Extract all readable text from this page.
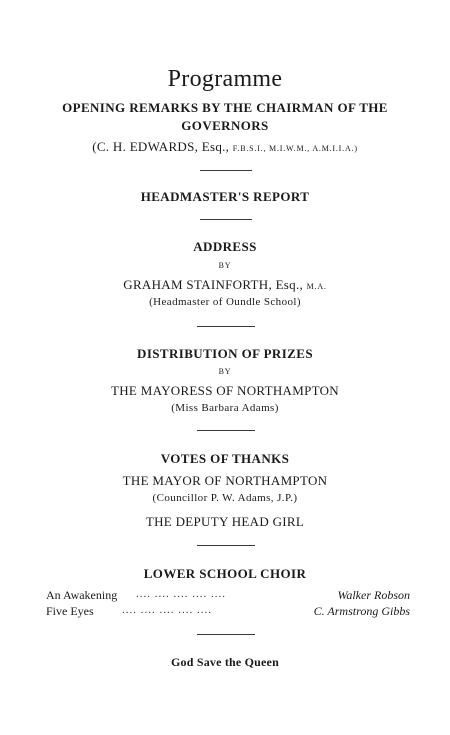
Programme
OPENING REMARKS BY THE CHAIRMAN OF THE
GOVERNORS
(C. H. EDWARDS, Esq., F.B.S.I., M.I.W.M., A.M.I.I.A.)
HEADMASTER'S REPORT
ADDRESS
BY
GRAHAM STAINFORTH, Esq., M.A.
(Headmaster of Oundle School)
DISTRIBUTION OF PRIZES
BY
THE MAYORESS OF NORTHAMPTON
(Miss Barbara Adams)
VOTES OF THANKS
THE MAYOR OF NORTHAMPTON
(Councillor P. W. Adams, J.P.)
THE DEPUTY HEAD GIRL
LOWER SCHOOL CHOIR
An Awakening .... .... .... .... ....	Walker Robson
Five Eyes	.... .... .... .... ....	C. Armstrong Gibbs
God Save the Queen
